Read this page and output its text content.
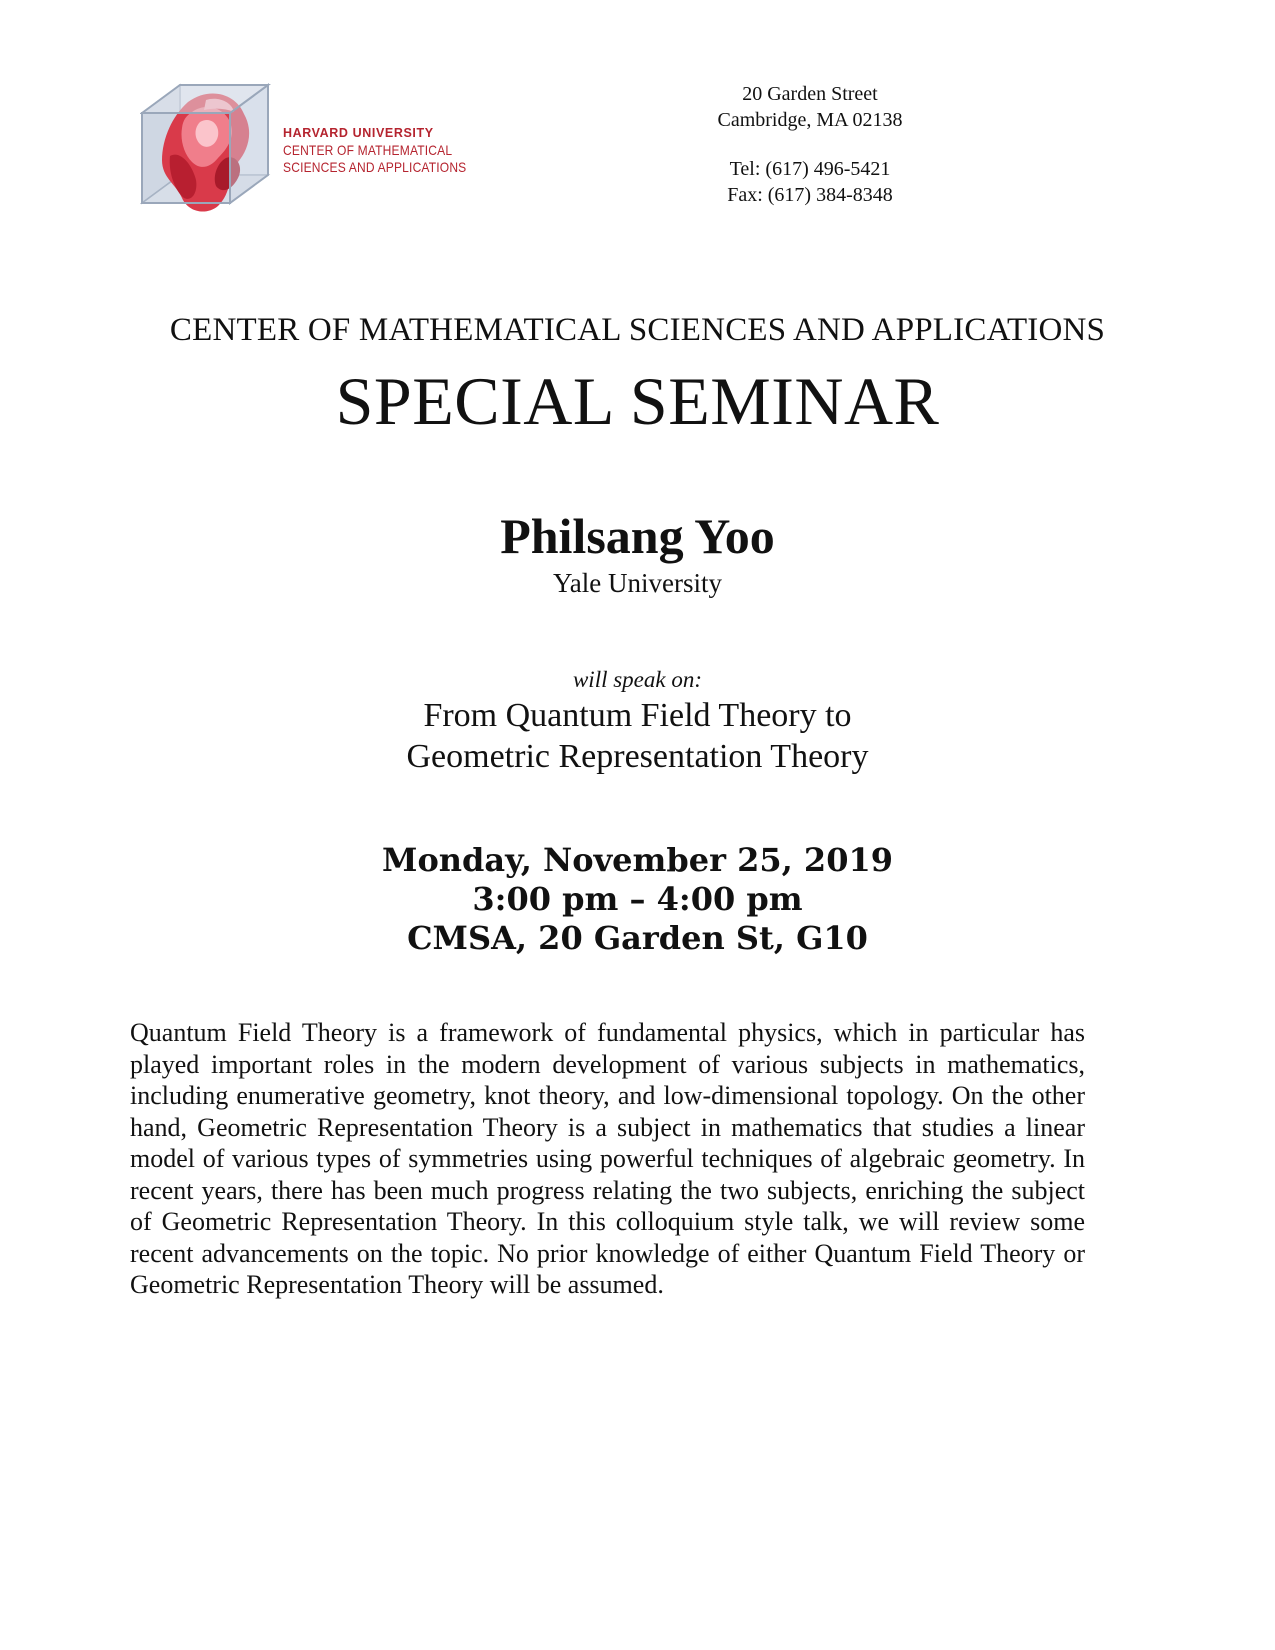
HARVARD UNIVERSITY
CENTER OF MATHEMATICAL
SCIENCES AND APPLICATIONS
20 Garden Street
Cambridge, MA 02138
Tel: (617) 496-5421
Fax: (617) 384-8348
CENTER OF MATHEMATICAL SCIENCES AND APPLICATIONS
SPECIAL SEMINAR
Philsang Yoo
Yale University
will speak on:
From Quantum Field Theory to
Geometric Representation Theory
Monday, November 25, 2019
3:00 pm – 4:00 pm
CMSA, 20 Garden St, G10
Quantum Field Theory is a framework of fundamental physics, which in particular has played important roles in the modern development of various subjects in mathematics, including enumerative geometry, knot theory, and low-dimensional topology. On the other hand, Geometric Representation Theory is a subject in mathematics that studies a linear model of various types of symmetries using powerful techniques of algebraic geometry. In recent years, there has been much progress relating the two subjects, enriching the subject of Geometric Representation Theory. In this colloquium style talk, we will review some recent advancements on the topic. No prior knowledge of either Quantum Field Theory or Geometric Representation Theory will be assumed.
